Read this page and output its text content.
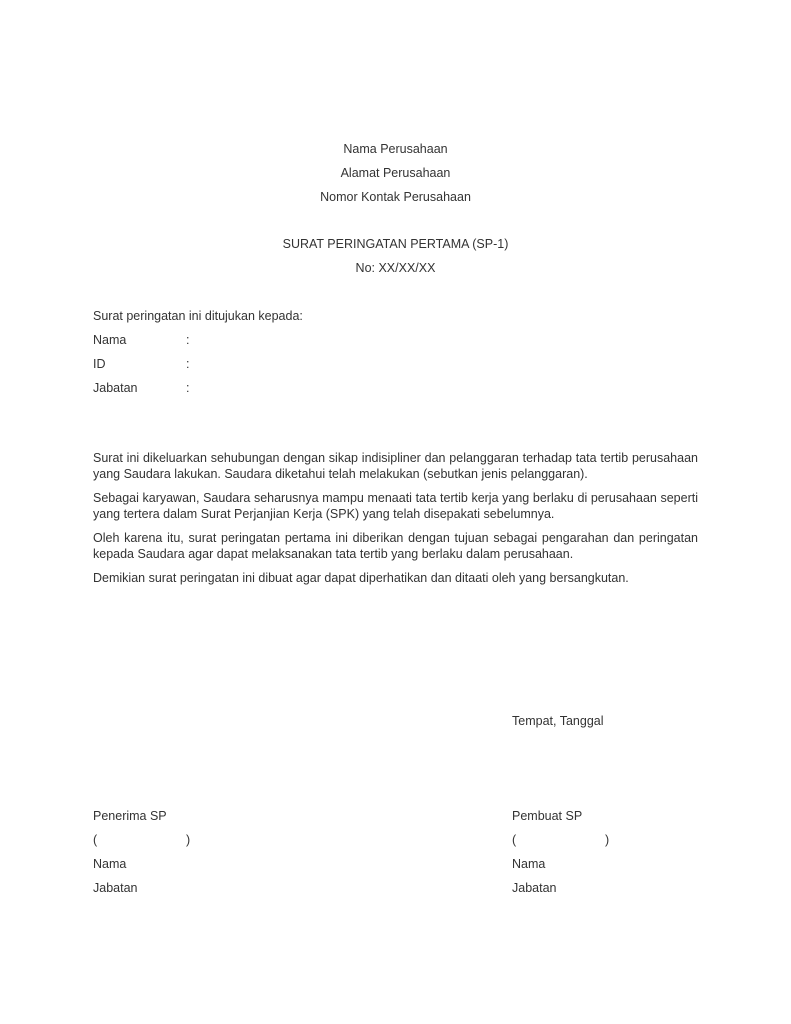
Nama Perusahaan
Alamat Perusahaan
Nomor Kontak Perusahaan
SURAT PERINGATAN PERTAMA (SP-1)
No: XX/XX/XX
Surat peringatan ini ditujukan kepada:
Nama	:
ID	:
Jabatan	:
Surat ini dikeluarkan sehubungan dengan sikap indisipliner dan pelanggaran terhadap tata tertib perusahaan yang Saudara lakukan. Saudara diketahui telah melakukan (sebutkan jenis pelanggaran).
Sebagai karyawan, Saudara seharusnya mampu menaati tata tertib kerja yang berlaku di perusahaan seperti yang tertera dalam Surat Perjanjian Kerja (SPK) yang telah disepakati sebelumnya.
Oleh karena itu, surat peringatan pertama ini diberikan dengan tujuan sebagai pengarahan dan peringatan kepada Saudara agar dapat melaksanakan tata tertib yang berlaku dalam perusahaan.
Demikian surat peringatan ini dibuat agar dapat diperhatikan dan ditaati oleh yang bersangkutan.
Tempat, Tanggal
Penerima SP
(	)
Nama
Jabatan
Pembuat SP
(	)
Nama
Jabatan
